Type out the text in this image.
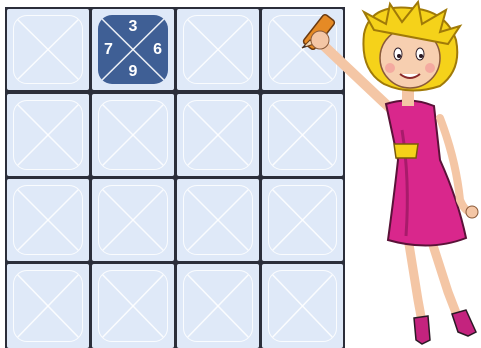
3
6
9
7
